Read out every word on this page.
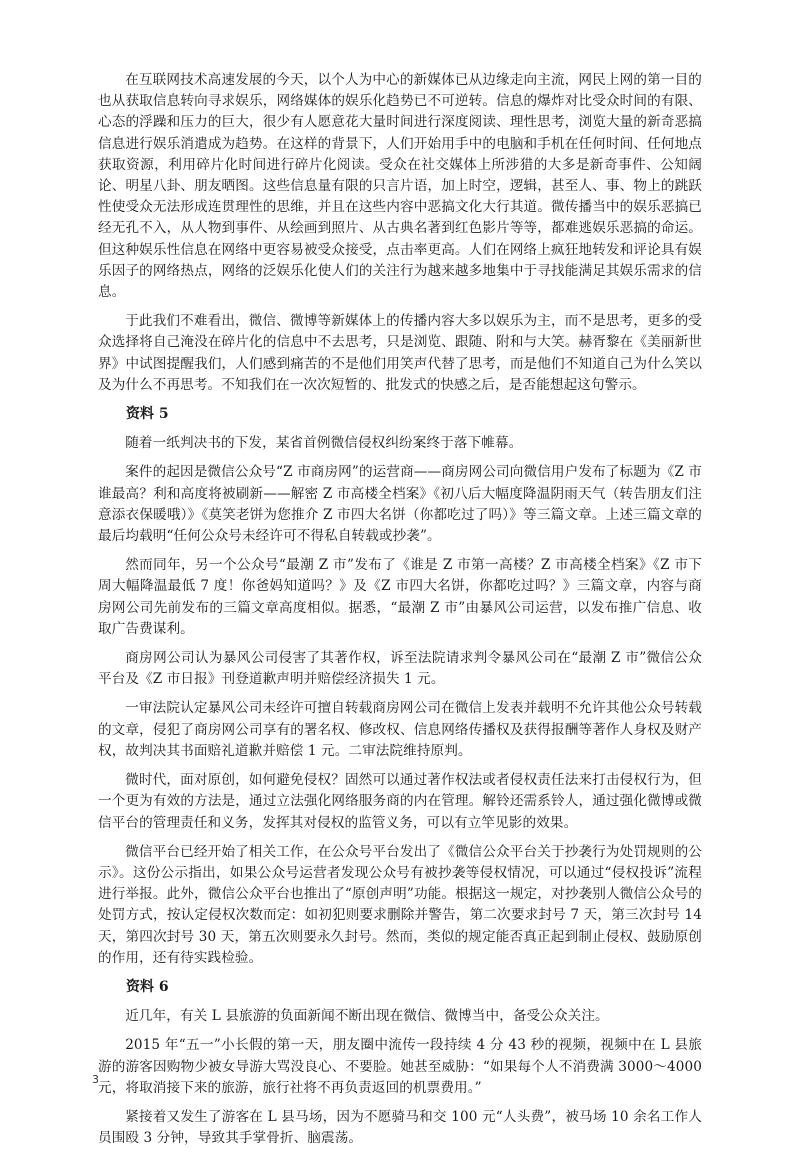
在互联网技术高速发展的今天，以个人为中心的新媒体已从边缘走向主流，网民上网的第一目的也从获取信息转向寻求娱乐，网络媒体的娱乐化趋势已不可逆转。信息的爆炸对比受众时间的有限、心态的浮躁和压力的巨大，很少有人愿意花大量时间进行深度阅读、理性思考，浏览大量的新奇恶搞信息进行娱乐消遣成为趋势。在这样的背景下，人们开始用手中的电脑和手机在任何时间、任何地点获取资源，利用碎片化时间进行碎片化阅读。受众在社交媒体上所涉猎的大多是新奇事件、公知阔论、明星八卦、朋友晒图。这些信息量有限的只言片语，加上时空，逻辑，甚至人、事、物上的跳跃性使受众无法形成连贯理性的思维，并且在这些内容中恶搞文化大行其道。微传播当中的娱乐恶搞已经无孔不入，从人物到事件、从绘画到照片、从古典名著到红色影片等等，都难逃娱乐恶搞的命运。但这种娱乐性信息在网络中更容易被受众接受，点击率更高。人们在网络上疯狂地转发和评论具有娱乐因子的网络热点，网络的泛娱乐化使人们的关注行为越来越多地集中于寻找能满足其娱乐需求的信息。

于此我们不难看出，微信、微博等新媒体上的传播内容大多以娱乐为主，而不是思考，更多的受众选择将自己淹没在碎片化的信息中不去思考，只是浏览、跟随、附和与大笑。赫胥黎在《美丽新世界》中试图提醒我们，人们感到痛苦的不是他们用笑声代替了思考，而是他们不知道自己为什么笑以及为什么不再思考。不知我们在一次次短暂的、批发式的快感之后，是否能想起这句警示。

资料 5

随着一纸判决书的下发，某省首例微信侵权纠纷案终于落下帷幕。

案件的起因是微信公众号“Z 市商房网”的运营商——商房网公司向微信用户发布了标题为《Z 市谁最高？利和高度将被刷新——解密 Z 市高楼全档案》《初八后大幅度降温阴雨天气（转告朋友们注意添衣保暖哦）》《莫笑老饼为您推介 Z 市四大名饼（你都吃过了吗）》等三篇文章。上述三篇文章的最后均载明“任何公众号未经许可不得私自转载或抄袭”。

然而同年，另一个公众号“最潮 Z 市”发布了《谁是 Z 市第一高楼？Z 市高楼全档案》《Z 市下周大幅降温最低 7 度！你爸妈知道吗？》及《Z 市四大名饼，你都吃过吗？》三篇文章，内容与商房网公司先前发布的三篇文章高度相似。据悉，“最潮 Z 市”由暴风公司运营，以发布推广信息、收取广告费谋利。

商房网公司认为暴风公司侵害了其著作权，诉至法院请求判令暴风公司在“最潮 Z 市”微信公众平台及《Z 市日报》刊登道歉声明并赔偿经济损失 1 元。

一审法院认定暴风公司未经许可擅自转载商房网公司在微信上发表并载明不允许其他公众号转载的文章，侵犯了商房网公司享有的署名权、修改权、信息网络传播权及获得报酬等著作人身权及财产权，故判决其书面赔礼道歉并赔偿 1 元。二审法院维持原判。

微时代，面对原创，如何避免侵权？固然可以通过著作权法或者侵权责任法来打击侵权行为，但一个更为有效的方法是，通过立法强化网络服务商的内在管理。解铃还需系铃人，通过强化微博或微信平台的管理责任和义务，发挥其对侵权的监管义务，可以有立竿见影的效果。

微信平台已经开始了相关工作，在公众号平台发出了《微信公众平台关于抄袭行为处罚规则的公示》。这份公示指出，如果公众号运营者发现公众号有被抄袭等侵权情况，可以通过“侵权投诉”流程进行举报。此外，微信公众平台也推出了“原创声明”功能。根据这一规定，对抄袭别人微信公众号的处罚方式，按认定侵权次数而定：如初犯则要求删除并警告，第二次要求封号 7 天，第三次封号 14 天，第四次封号 30 天，第五次则要永久封号。然而，类似的规定能否真正起到制止侵权、鼓励原创的作用，还有待实践检验。

资料 6

近几年，有关 L 县旅游的负面新闻不断出现在微信、微博当中，备受公众关注。

2015 年“五一”小长假的第一天，朋友圈中流传一段持续 4 分 43 秒的视频，视频中在 L 县旅游的游客因购物少被女导游大骂没良心、不要脸。她甚至威胁：“如果每个人不消费满 3000～4000 元，将取消接下来的旅游，旅行社将不再负责返回的机票费用。”

紧接着又发生了游客在 L 县马场，因为不愿骑马和交 100 元“人头费”，被马场 10 余名工作人员围殴 3 分钟，导致其手掌骨折、脑震荡。

3
